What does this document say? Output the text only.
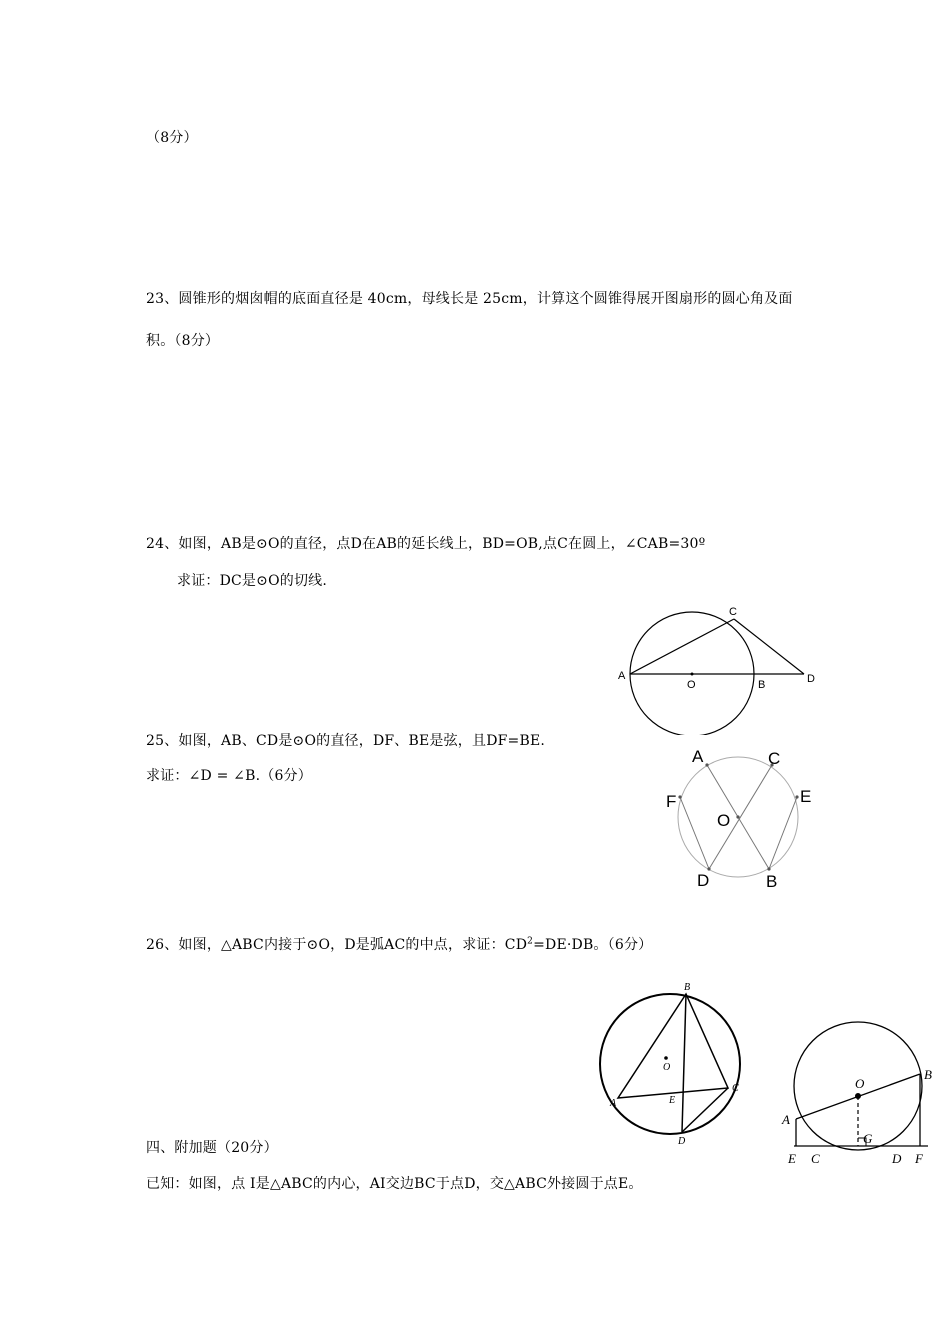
（8分）
23、圆锥形的烟囱帽的底面直径是 40cm，母线长是 25cm，计算这个圆锥得展开图扇形的圆心角及面
积。（8分）
24、如图，AB是⊙O的直径，点D在AB的延长线上，BD=OB,点C在圆上，∠CAB=30º
求证：DC是⊙O的切线.
25、如图，AB、CD是⊙O的直径，DF、BE是弦，且DF=BE.
求证：∠D = ∠B.（6分）
26、如图，△ABC内接于⊙O，D是弧AC的中点，求证：$CD^2=DE\cdot DB$。（6分）
四、附加题（20分）
已知：如图，点 I是△ABC的内心，AI交边BC于点D，交△ABC外接圆于点E。
A
O	B
C
D
A	C
F	E
O
D	B
B
O
A
C
E
D
O
B
A
G
E C	D F
